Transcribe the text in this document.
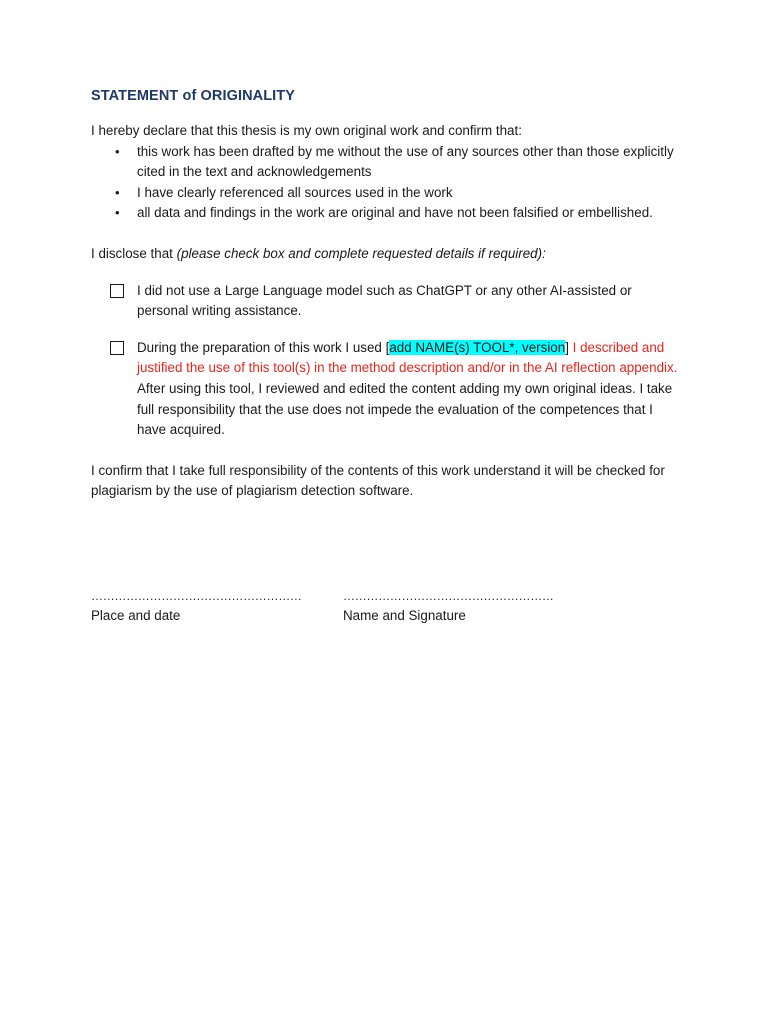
STATEMENT of ORIGINALITY

I hereby declare that this thesis is my own original work and confirm that:

• this work has been drafted by me without the use of any sources other than those explicitly cited in the text and acknowledgements
• I have clearly referenced all sources used in the work
• all data and findings in the work are original and have not been falsified or embellished.

I disclose that (please check box and complete requested details if required):

I did not use a Large Language model such as ChatGPT or any other AI-assisted or personal writing assistance.
During the preparation of this work I used [add NAME(s) TOOL*, version] I described and justified the use of this tool(s) in the method description and/or in the AI reflection appendix. After using this tool, I reviewed and edited the content adding my own original ideas. I take full responsibility that the use does not impede the evaluation of the competences that I have acquired.

I confirm that I take full responsibility of the contents of this work understand it will be checked for plagiarism by the use of plagiarism detection software.

………………………………………………
Place and date
………………………………………………
Name and Signature
